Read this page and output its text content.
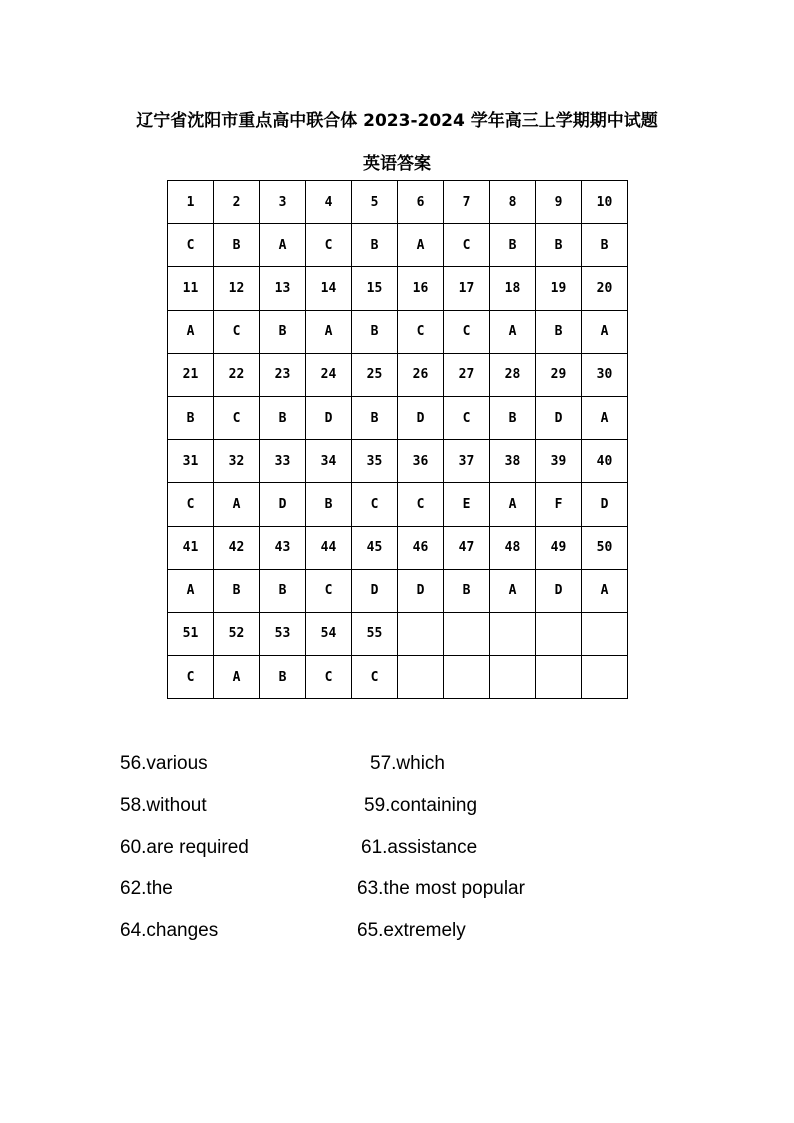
辽宁省沈阳市重点高中联合体 2023-2024 学年高三上学期期中试题
英语答案
1	2	3	4	5	6	7	8	9	10
C	B	A	C	B	A	C	B	B	B
11	12	13	14	15	16	17	18	19	20
A	C	B	A	B	C	C	A	B	A
21	22	23	24	25	26	27	28	29	30
B	C	B	D	B	D	C	B	D	A
31	32	33	34	35	36	37	38	39	40
C	A	D	B	C	C	E	A	F	D
41	42	43	44	45	46	47	48	49	50
A	B	B	C	D	D	B	A	D	A
51	52	53	54	55					
C	A	B	C	C					
56.various	57.which
58.without	59.containing
60.are required	61.assistance
62.the	63.the most popular
64.changes	65.extremely
